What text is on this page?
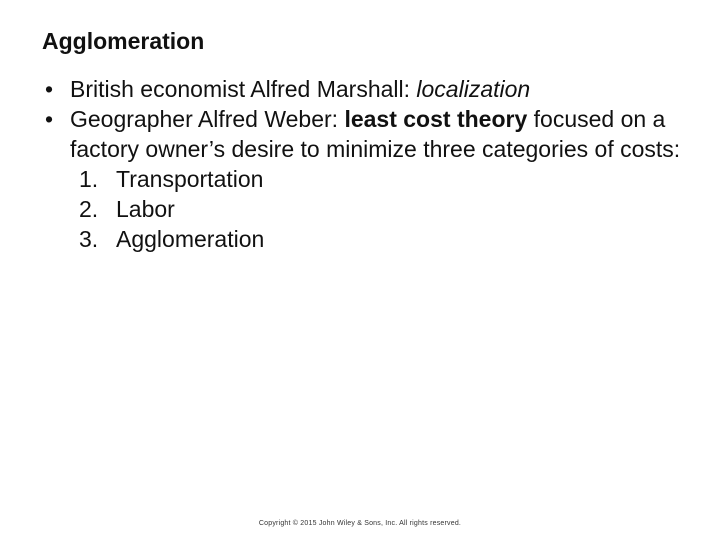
Agglomeration
• British economist Alfred Marshall: localization
• Geographer Alfred Weber: least cost theory focused on a factory owner’s desire to minimize three categories of costs:
1. Transportation
2. Labor
3. Agglomeration
Copyright © 2015 John Wiley & Sons, Inc. All rights reserved.
